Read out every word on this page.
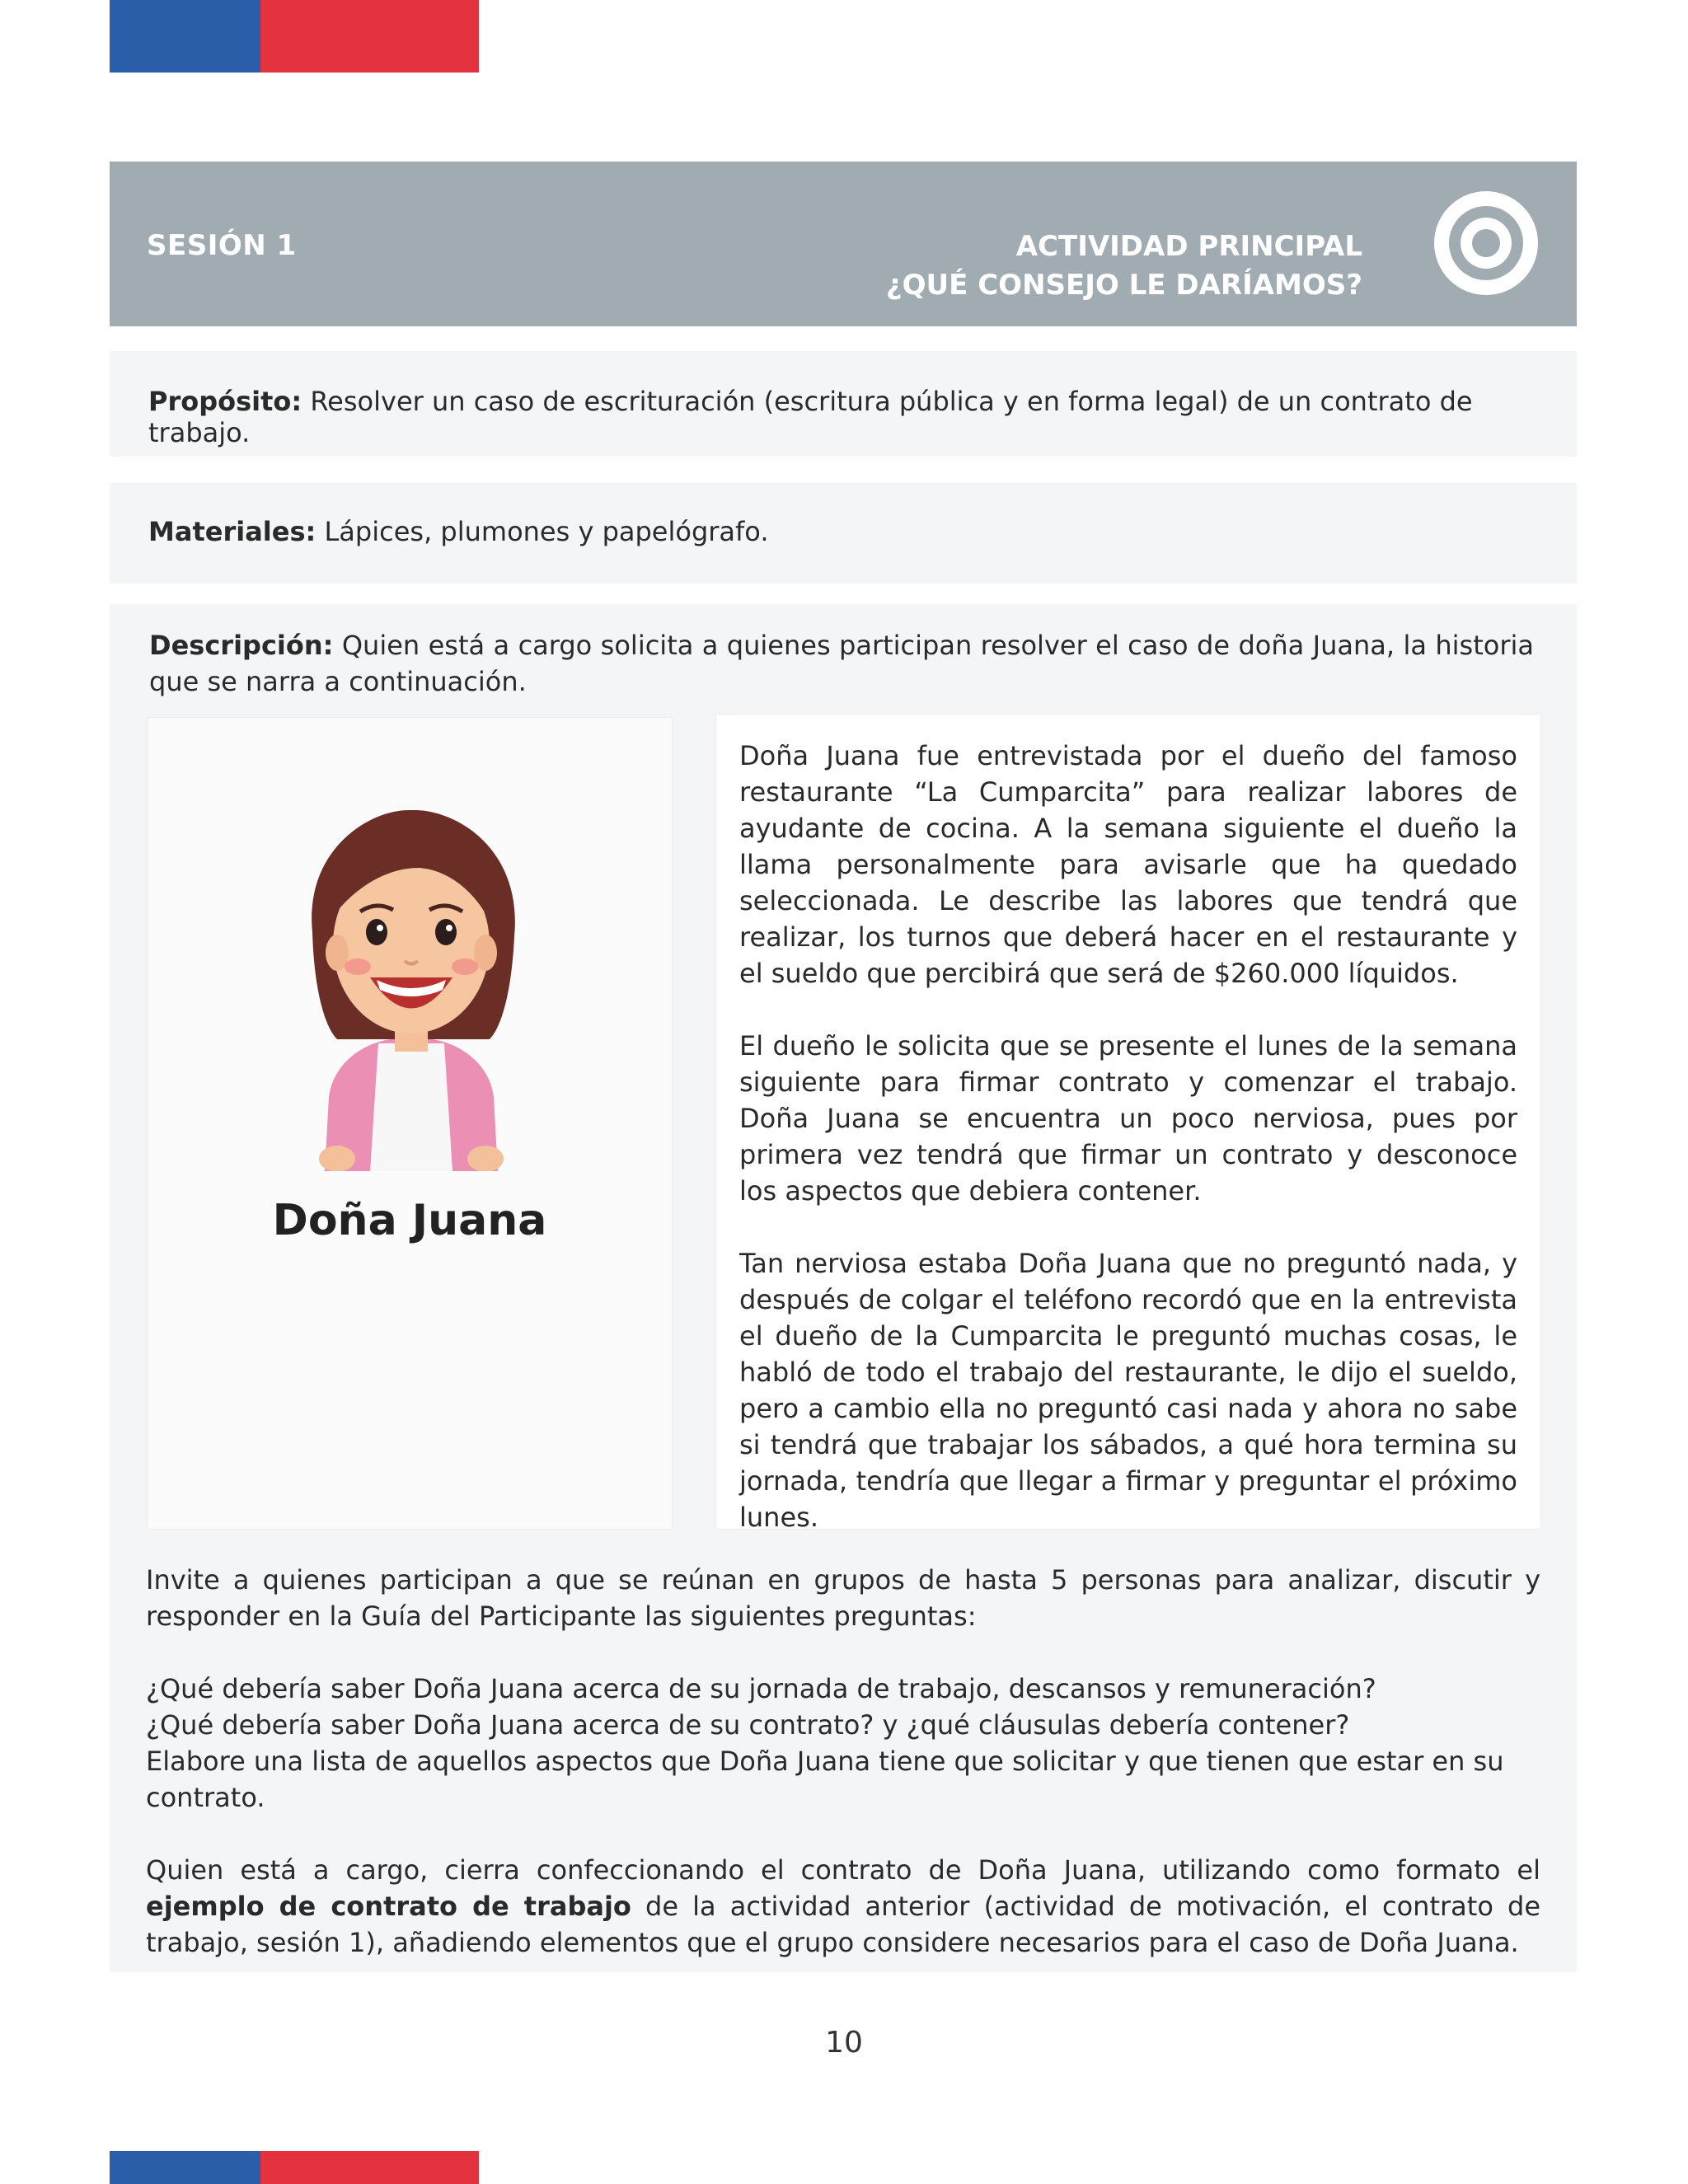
SESIÓN 1	ACTIVIDAD PRINCIPAL
¿QUÉ CONSEJO LE DARÍAMOS?
Propósito: Resolver un caso de escrituración (escritura pública y en forma legal) de un contrato de trabajo.
Materiales: Lápices, plumones y papelógrafo.
Descripción: Quien está a cargo solicita a quienes participan resolver el caso de doña Juana, la historia que se narra a continuación.
Doña Juana

Doña Juana fue entrevistada por el dueño del famoso restaurante “La Cumparcita” para realizar labores de ayudante de cocina. A la semana siguiente el dueño la llama personalmente para avisarle que ha quedado seleccionada. Le describe las labores que tendrá que realizar, los turnos que deberá hacer en el restaurante y el sueldo que percibirá que será de $260.000 líquidos.

El dueño le solicita que se presente el lunes de la semana siguiente para firmar contrato y comenzar el trabajo. Doña Juana se encuentra un poco nerviosa, pues por primera vez tendrá que firmar un contrato y desconoce los aspectos que debiera contener.

Tan nerviosa estaba Doña Juana que no preguntó nada, y después de colgar el teléfono recordó que en la entrevista el dueño de la Cumparcita le preguntó muchas cosas, le habló de todo el trabajo del restaurante, le dijo el sueldo, pero a cambio ella no preguntó casi nada y ahora no sabe si tendrá que trabajar los sábados, a qué hora termina su jornada, tendría que llegar a firmar y preguntar el próximo lunes.

Invite a quienes participan a que se reúnan en grupos de hasta 5 personas para analizar, discutir y responder en la Guía del Participante las siguientes preguntas:

¿Qué debería saber Doña Juana acerca de su jornada de trabajo, descansos y remuneración?
¿Qué debería saber Doña Juana acerca de su contrato? y ¿qué cláusulas debería contener?
Elabore una lista de aquellos aspectos que Doña Juana tiene que solicitar y que tienen que estar en su contrato.

Quien está a cargo, cierra confeccionando el contrato de Doña Juana, utilizando como formato el ejemplo de contrato de trabajo de la actividad anterior (actividad de motivación, el contrato de trabajo, sesión 1), añadiendo elementos que el grupo considere necesarios para el caso de Doña Juana.

10
